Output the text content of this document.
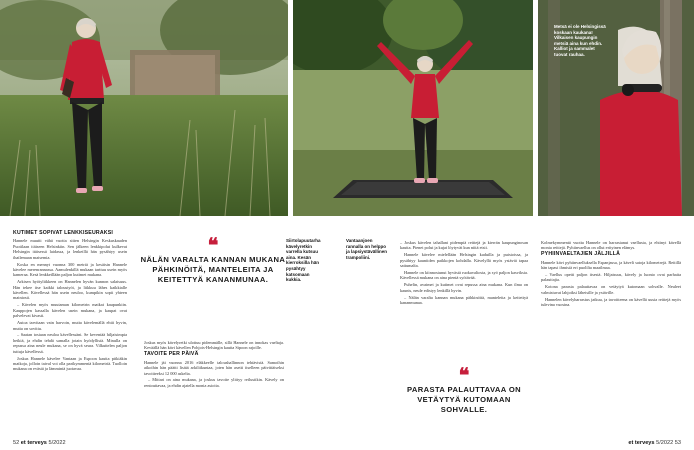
Metsä ei ole Helsingissä koskaan kaukana! Vilkaisen kaupungin metsiä aina kun ehdin. Kalliot ja sammalet tuovat rauhaa.
KUTIMET SOPIVAT LENKKISEURAKSI

Hannele muutti vähä vuotta sitten Helsingin Keskuskauden Puotilaan itäiseen Helsinkiin. Sen jälkeen lenkkipolut kulkevat Helsingin itäisessä laidassa, ja lenkeillä hän pysähtyy usein ihailemaan maisemia.

Koska en mennyt vuonna 300 metriä ja kesäisin Hannele kävelee merenrannassa. Aamulenkillä mukaan tarttuu usein myös kameraa. Kesä lenkkeillään paljon kutimet mukana.

Arkisen hyötyliikkeen on Hannelen hyvän kunnon salaisuus. Hän tekee itse kaikki taloustyöt, ja liikkuu lähes kaikkialle kävellen. Kävellessä hän usein neuloo, kumpikin sopii yhteen mainiosti.

– Kävelen myös muutaman kilometrin matkat kaupunkiin. Kauppojen kassalla kävelen usein mukana, ja kaupat ovat palvelevat kivasti.

Autoa tarvitaan vain harvoin, mutta kävelemällä ehtii hyvin, mutta on sovittu.

– Saatan tosiaan neuloa kävellessäni. Se keventää hiljaisimpia hetkiä, ja ehdin tehdä samalla jotain hyödyllistä. Minulla on repussa aina neule mukana, se on hyvä seura. Vilkuttelen paljon tuttuja kävellessä.

Joskus Hannele kävelee Vantaan ja Espoon kautta pitkiäkin matkoja, jolloin taival voi olla parikymmentä kilometriä. Tuolloin mukana on evästä ja lämmintä juotavaa.

❝
NÄLÄN VARALTA KANNAN MUKANA PÄHKINÖITÄ, MANTELEITA JA KEITETTYÄ KANANMUNAA.

Joskus myös kävelyretki ulottuu pidemmälle, sillä Hannele on innokas vaeltaja. Keväällä hän kävi kävellen Pohjois-Helsingin kautta Sipoon rajoille.

TAVOITE PER PÄIVÄ

Hannele jäi vuonna 2016 eläkkeelle taloushallinnon tehtävistä. Samoihin aikoihin hän päätti lisätä arkiliikuntaa, joten hän asetti itselleen päivittäiseksi tavoitteeksi 12 000 askelta.

– Mittari on aina mukana, ja joskus tavoite ylittyy reilustikin. Kävely on rentouttavaa, ja ehdin ajatella monia asioita.

Siirtolapuutarha kävelyretkin varrella kutsuu aina. Kesän kierroksilla hän pysähtyy katsomaan kukkia.
52 et terveys 5/2022
Vantaanjoen rannalla on helppo ja lapsiystävällinen trampoliini.

– Joskus kävelen tahallani pidempiä reittejä ja kierrän kaupunginosan kautta. Pienet polut ja kujat löytyvät kun niitä etsii.

Hannele kävelee mielellään Helsingin kaduilla ja puistoissa, ja pysähtyy kauniiden paikkojen kohdalla. Kävelyllä myös ystäviä tapaa sattumalta.

Hannele on kiinnostunut hyvästä ruokavaliosta, ja syö paljon kasviksia. Kävellessä mukana on aina pientä syötävää.

Puhelin, avaimet ja kutimet ovat repussa aina mukana. Kun ilma on kaunis, neule edistyy lenkillä hyvin.

– Nälän varalta kannan mukana pähkinöitä, manteleita ja keitettyä kananmunaa.

❝
PARASTA PALAUTTAVAA ON VETÄYTYÄ KUTOMAAN SOHVALLE.

Kolmekymmentä vuotta Hannele on harrastanut vaellusta, ja ehtinyt kävellä monia reittejä. Pyhiinvaellus on ollut erityinen elämys.

PYHIINVAELTAJIEN JÄLJILLÄ

Hannele kävi pyhiinvaelluksella Espanjassa, ja käveli satoja kilometrejä. Reitillä hän tapasi ihmisiä eri puolilta maailmaa.

– Vaellus opetti paljon itsestä. Hiljaisuus, kävely ja luonto ovat parhaita palauttajia.

Kotona parasta palauttavaa on vetäytyä kutomaan sohvalle. Neuleet valmistuvat lahjoiksi läheisille ja ystäville.

Hannelen kävelyharrastus jatkuu, ja tavoitteena on kävellä uusia reittejä myös tulevina vuosina.

et terveys 5/2022 53
